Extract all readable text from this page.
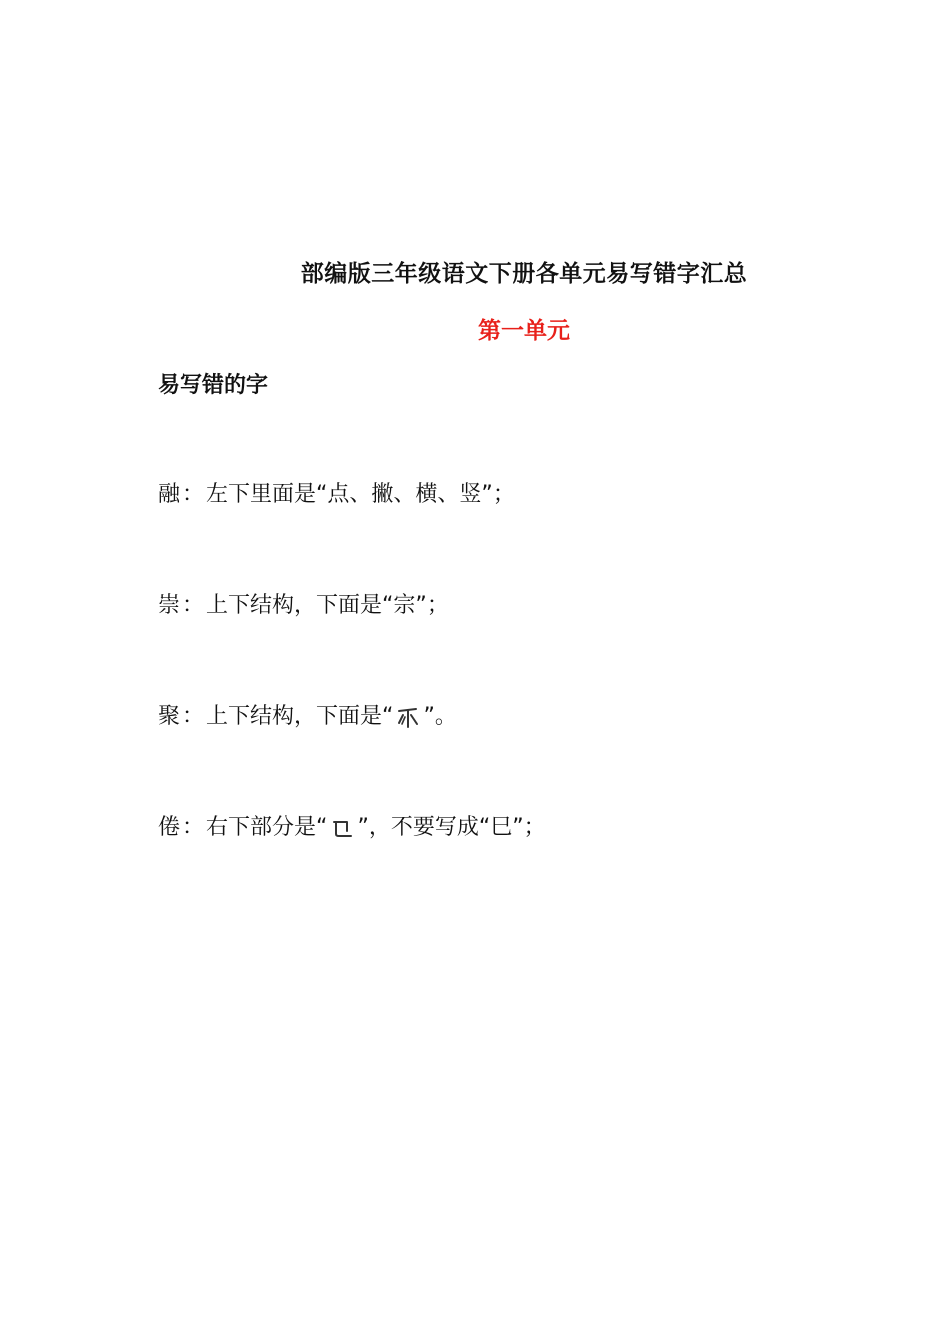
部编版三年级语文下册各单元易写错字汇总
第一单元
易写错的字
融 ： 左下里面是“点、撇、横、竖”；
崇 ： 上下结构，下面是“宗”；
聚 ： 上下结构，下面是“ ”。
倦 ： 右下部分是“ ”，不要写成“巳”；
